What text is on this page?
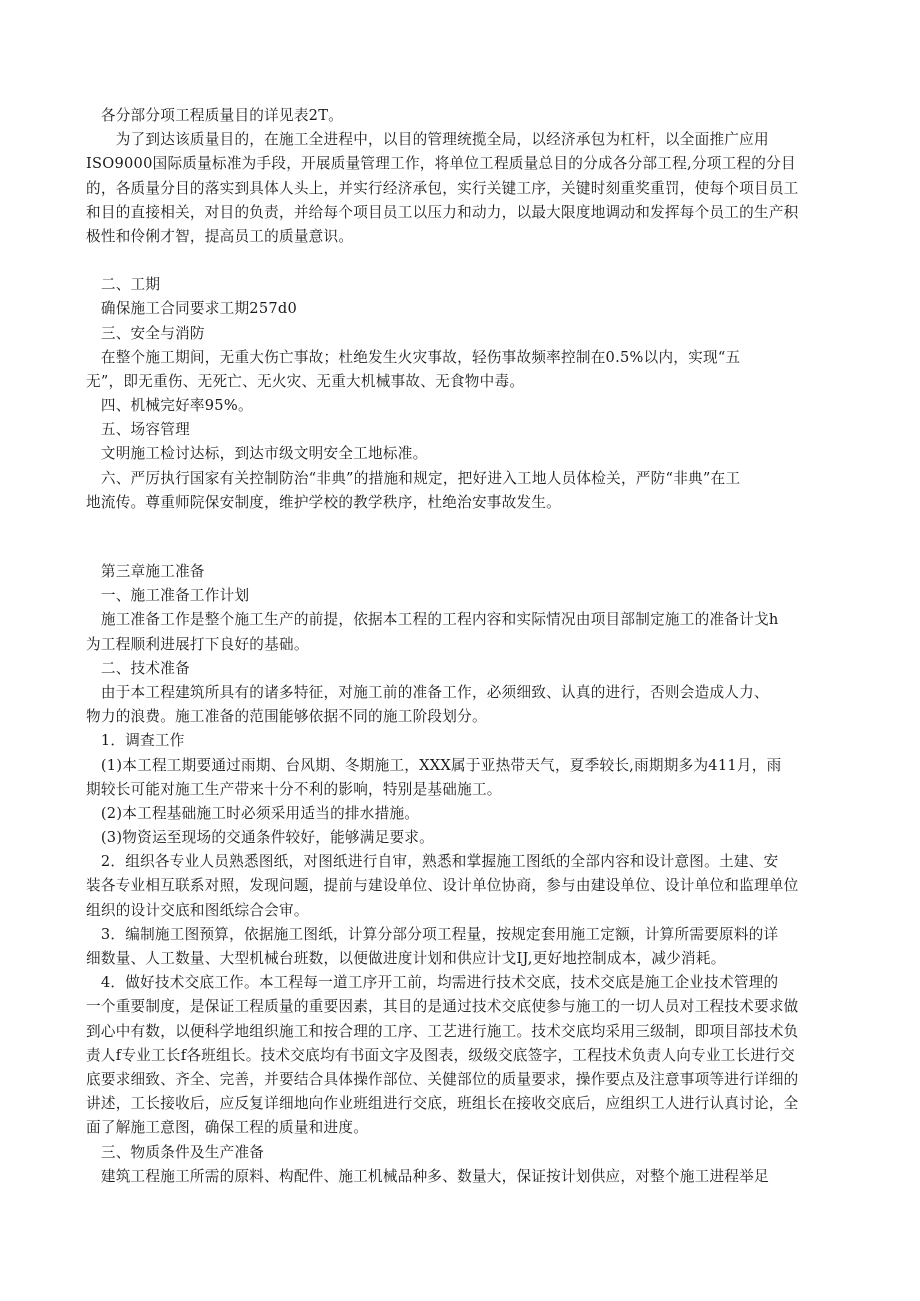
　各分部分项工程质量目的详见表2T。

　　为了到达该质量目的，在施工全进程中，以目的管理统揽全局，以经济承包为杠杆，以全面推广应用

ISO9000国际质量标准为手段，开展质量管理工作，将单位工程质量总目的分成各分部工程,分项工程的分目

的，各质量分目的落实到具体人头上，并实行经济承包，实行关键工序，关键时刻重奖重罚，使每个项目员工

和目的直接相关，对目的负责，并给每个项目员工以压力和动力，以最大限度地调动和发挥每个员工的生产积

极性和伶俐才智，提高员工的质量意识。

　二、工期

　确保施工合同要求工期257d0

　三、安全与消防

　在整个施工期间，无重大伤亡事故；杜绝发生火灾事故，轻伤事故频率控制在0.5%以内，实现“五

无”，即无重伤、无死亡、无火灾、无重大机械事故、无食物中毒。

　四、机械完好率95%。

　五、场容管理

　文明施工检讨达标，到达市级文明安全工地标准。

　六、严厉执行国家有关控制防治“非典”的措施和规定，把好进入工地人员体检关，严防“非典”在工

地流传。尊重师院保安制度，维护学校的教学秩序，杜绝治安事故发生。

　第三章施工准备

　一、施工准备工作计划

　施工准备工作是整个施工生产的前提，依据本工程的工程内容和实际情况由项目部制定施工的准备计戈h

为工程顺利进展打下良好的基础。

　二、技术准备

　由于本工程建筑所具有的诸多特征，对施工前的准备工作，必须细致、认真的进行，否则会造成人力、

物力的浪费。施工准备的范围能够依据不同的施工阶段划分。

　1．调查工作

　(1)本工程工期要通过雨期、台风期、冬期施工，XXX属于亚热带天气，夏季较长,雨期期多为411月，雨

期较长可能对施工生产带来十分不利的影响，特别是基础施工。

　(2)本工程基础施工时必须采用适当的排水措施。

　(3)物资运至现场的交通条件较好，能够满足要求。

　2．组织各专业人员熟悉图纸，对图纸进行自审，熟悉和掌握施工图纸的全部内容和设计意图。土建、安

装各专业相互联系对照，发现问题，提前与建设单位、设计单位协商，参与由建设单位、设计单位和监理单位

组织的设计交底和图纸综合会审。

　3．编制施工图预算，依据施工图纸，计算分部分项工程量，按规定套用施工定额，计算所需要原料的详

细数量、人工数量、大型机械台班数，以便做进度计划和供应计戈IJ,更好地控制成本，减少消耗。

　4．做好技术交底工作。本工程每一道工序开工前，均需进行技术交底，技术交底是施工企业技术管理的

一个重要制度，是保证工程质量的重要因素，其目的是通过技术交底使参与施工的一切人员对工程技术要求做

到心中有数，以便科学地组织施工和按合理的工序、工艺进行施工。技术交底均采用三级制，即项目部技术负

责人f专业工长f各班组长。技术交底均有书面文字及图表，级级交底签字，工程技术负责人向专业工长进行交

底要求细致、齐全、完善，并要结合具体操作部位、关健部位的质量要求，操作要点及注意事项等进行详细的

讲述，工长接收后，应反复详细地向作业班组进行交底，班组长在接收交底后，应组织工人进行认真讨论，全

面了解施工意图，确保工程的质量和进度。

　三、物质条件及生产准备

　建筑工程施工所需的原料、构配件、施工机械品种多、数量大，保证按计划供应，对整个施工进程举足
